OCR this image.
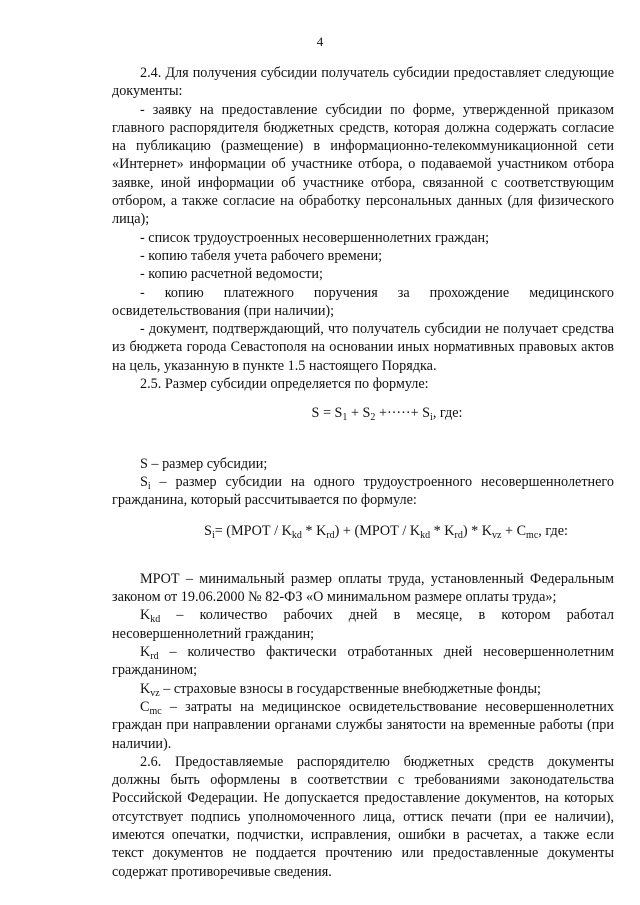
4

2.4. Для получения субсидии получатель субсидии предоставляет следующие документы:

- заявку на предоставление субсидии по форме, утвержденной приказом главного распорядителя бюджетных средств, которая должна содержать согласие на публикацию (размещение) в информационно-телекоммуникационной сети «Интернет» информации об участнике отбора, о подаваемой участником отбора заявке, иной информации об участнике отбора, связанной с соответствующим отбором, а также согласие на обработку персональных данных (для физического лица);

- список трудоустроенных несовершеннолетних граждан;

- копию табеля учета рабочего времени;

- копию расчетной ведомости;

- копию платежного поручения за прохождение медицинского освидетельствования (при наличии);

- документ, подтверждающий, что получатель субсидии не получает средства из бюджета города Севастополя на основании иных нормативных правовых актов на цель, указанную в пункте 1.5 настоящего Порядка.

2.5. Размер субсидии определяется по формуле:

$S = S_1 + S_2$ +·····+ $S_i$, где:

S – размер субсидии;

$S_i$ – размер субсидии на одного трудоустроенного несовершеннолетнего гражданина, который рассчитывается по формуле:

$S_i=$ (МРОТ / $K_{kd} * K_{rd}$) + (МРОТ / $K_{kd} * K_{rd}) * K_{vz} + C_{mc}$, где:

МРОТ – минимальный размер оплаты труда, установленный Федеральным законом от 19.06.2000 № 82-ФЗ «О минимальном размере оплаты труда»;

$K_{kd}$ – количество рабочих дней в месяце, в котором работал несовершеннолетний гражданин;

$K_{rd}$ – количество фактически отработанных дней несовершеннолетним гражданином;

$K_{vz}$ – страховые взносы в государственные внебюджетные фонды;

$C_{mc}$ – затраты на медицинское освидетельствование несовершеннолетних граждан при направлении органами службы занятости на временные работы (при наличии).

2.6. Предоставляемые распорядителю бюджетных средств документы должны быть оформлены в соответствии с требованиями законодательства Российской Федерации. Не допускается предоставление документов, на которых отсутствует подпись уполномоченного лица, оттиск печати (при ее наличии), имеются опечатки, подчистки, исправления, ошибки в расчетах, а также если текст документов не поддается прочтению или предоставленные документы содержат противоречивые сведения.
